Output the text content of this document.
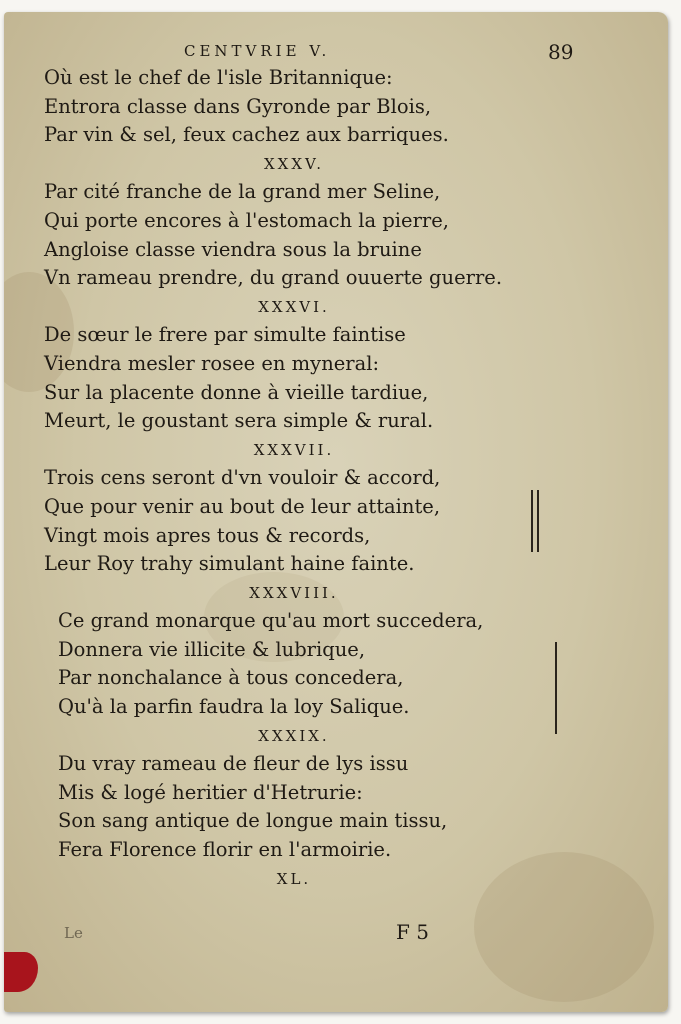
CENTVRIE V.	89
Où est le chef de l'isle Britannique:
Entrora classe dans Gyronde par Blois,
Par vin & sel, feux cachez aux barriques.
XXXV.
Par cité franche de la grand mer Seline,
Qui porte encores à l'estomach la pierre,
Angloise classe viendra sous la bruine
Vn rameau prendre, du grand ouuerte guerre.
XXXVI.
De sœur le frere par simulte faintise
Viendra mesler rosee en myneral:
Sur la placente donne à vieille tardiue,
Meurt, le goustant sera simple & rural.
XXXVII.
Trois cens seront d'vn vouloir & accord,
Que pour venir au bout de leur attainte,
Vingt mois apres tous & records,
Leur Roy trahy simulant haine fainte.
XXXVIII.
Ce grand monarque qu'au mort succedera,
Donnera vie illicite & lubrique,
Par nonchalance à tous concedera,
Qu'à la parfin faudra la loy Salique.
XXXIX.
Du vray rameau de fleur de lys issu
Mis & logé heritier d'Hetrurie:
Son sang antique de longue main tissu,
Fera Florence florir en l'armoirie.
XL.
Le	F 5
